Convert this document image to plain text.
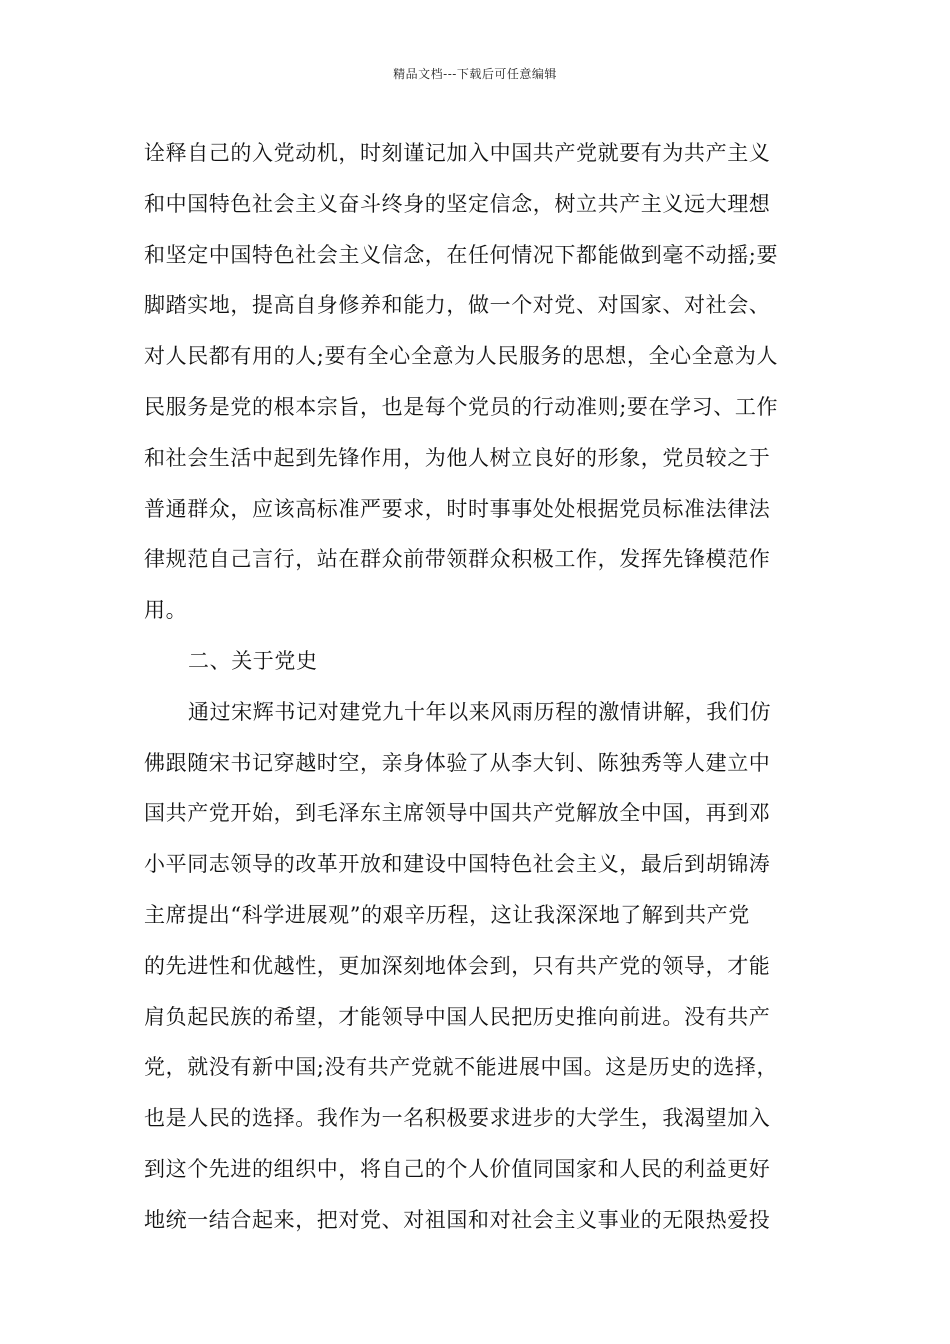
精品文档---下载后可任意编辑
诠释自己的入党动机，时刻谨记加入中国共产党就要有为共产主义
和中国特色社会主义奋斗终身的坚定信念，树立共产主义远大理想
和坚定中国特色社会主义信念，在任何情况下都能做到毫不动摇;要
脚踏实地，提高自身修养和能力，做一个对党、对国家、对社会、
对人民都有用的人;要有全心全意为人民服务的思想，全心全意为人
民服务是党的根本宗旨，也是每个党员的行动准则;要在学习、工作
和社会生活中起到先锋作用，为他人树立良好的形象，党员较之于
普通群众，应该高标准严要求，时时事事处处根据党员标准法律法
律规范自己言行，站在群众前带领群众积极工作，发挥先锋模范作
用。
二、关于党史
通过宋辉书记对建党九十年以来风雨历程的激情讲解，我们仿
佛跟随宋书记穿越时空，亲身体验了从李大钊、陈独秀等人建立中
国共产党开始，到毛泽东主席领导中国共产党解放全中国，再到邓
小平同志领导的改革开放和建设中国特色社会主义，最后到胡锦涛
主席提出“科学进展观”的艰辛历程，这让我深深地了解到共产党
的先进性和优越性，更加深刻地体会到，只有共产党的领导，才能
肩负起民族的希望，才能领导中国人民把历史推向前进。没有共产
党，就没有新中国;没有共产党就不能进展中国。这是历史的选择，
也是人民的选择。我作为一名积极要求进步的大学生，我渴望加入
到这个先进的组织中，将自己的个人价值同国家和人民的利益更好
地统一结合起来，把对党、对祖国和对社会主义事业的无限热爱投
